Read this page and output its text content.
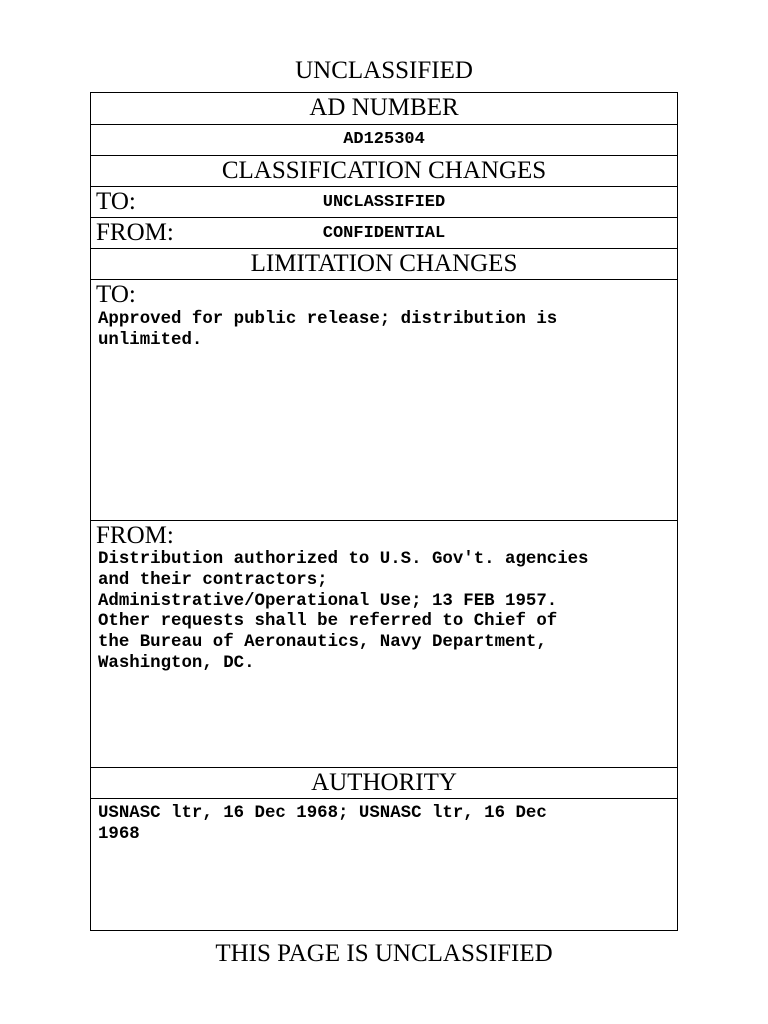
UNCLASSIFIED
AD NUMBER
AD125304
CLASSIFICATION CHANGES
TO:	UNCLASSIFIED
FROM:	CONFIDENTIAL
LIMITATION CHANGES
TO:
Approved for public release; distribution is
unlimited.
FROM:
Distribution authorized to U.S. Gov't. agencies
and their contractors;
Administrative/Operational Use; 13 FEB 1957.
Other requests shall be referred to Chief of
the Bureau of Aeronautics, Navy Department,
Washington, DC.
AUTHORITY
USNASC ltr, 16 Dec 1968; USNASC ltr, 16 Dec
1968
THIS PAGE IS UNCLASSIFIED
